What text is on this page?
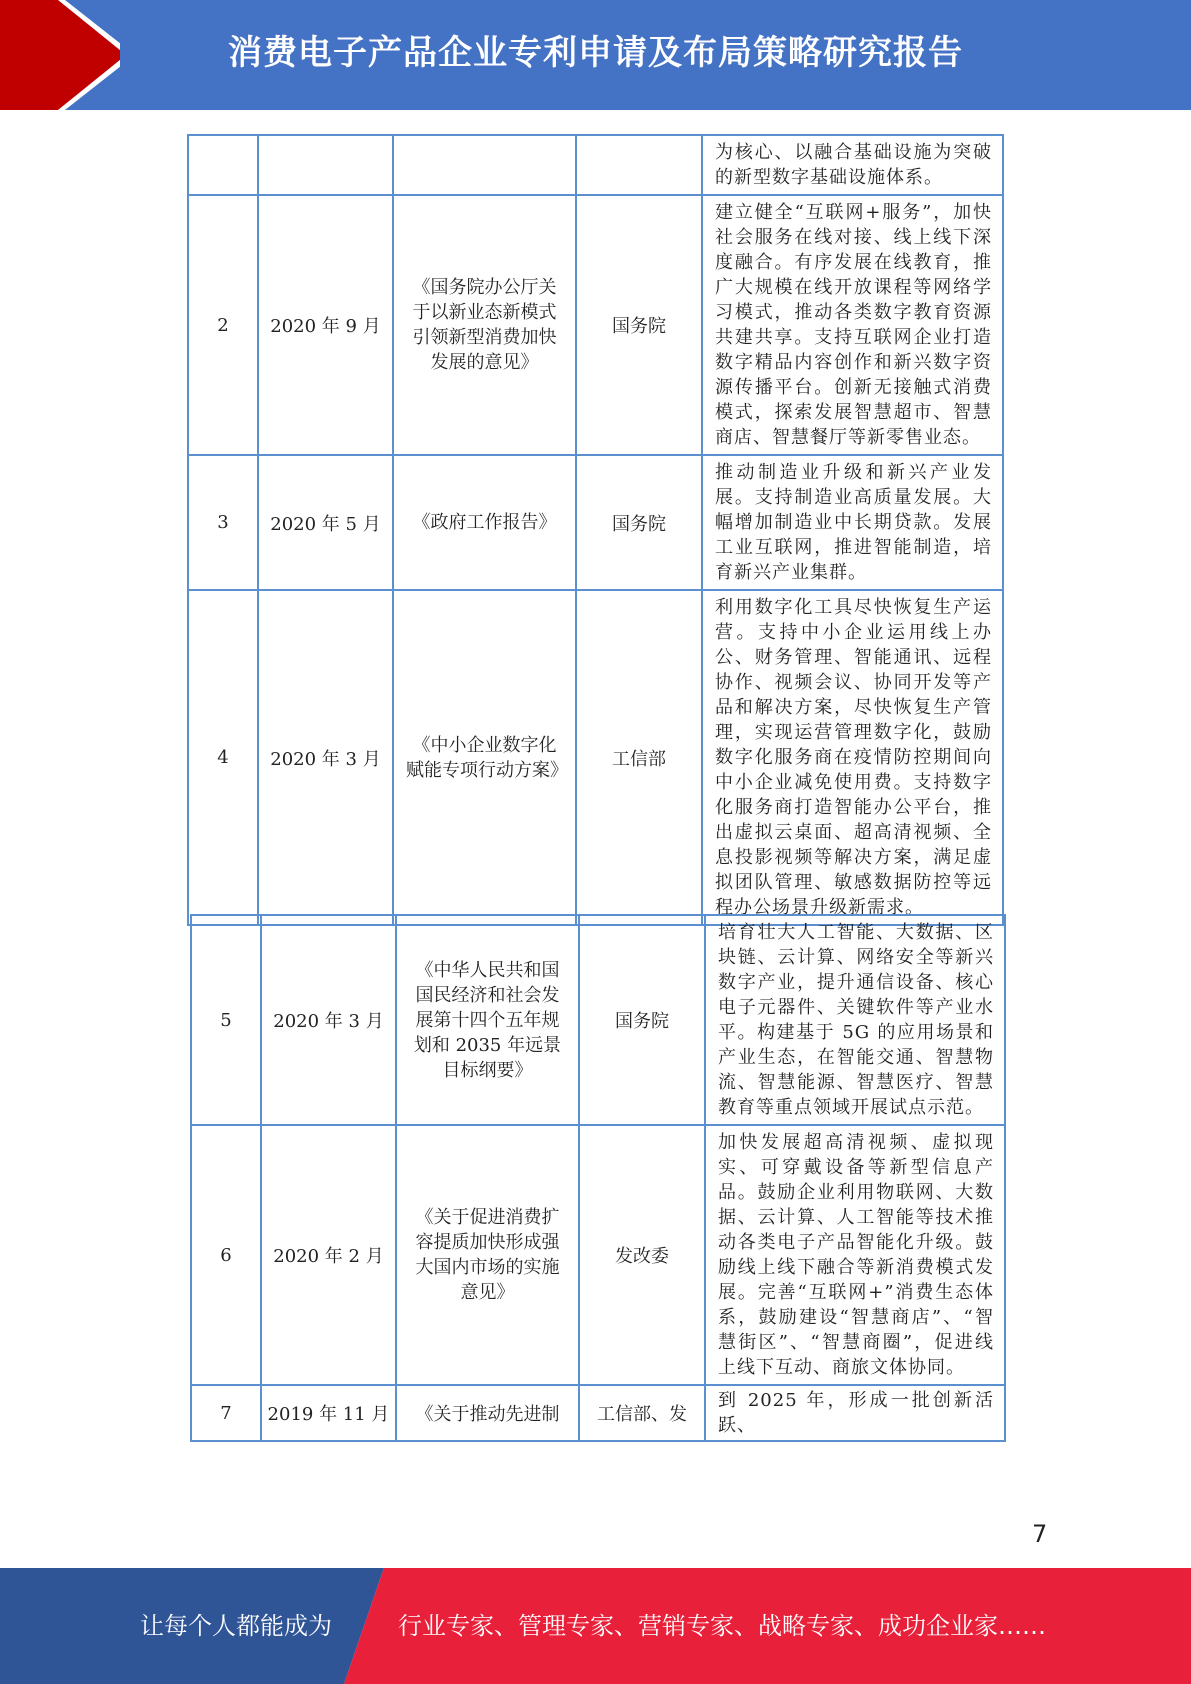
消费电子产品企业专利申请及布局策略研究报告
				为核心、以融合基础设施为突破的新型数字基础设施体系。
2	2020 年 9 月	《国务院办公厅关于以新业态新模式引领新型消费加快发展的意见》	国务院	建立健全“互联网+服务”，加快社会服务在线对接、线上线下深度融合。有序发展在线教育，推广大规模在线开放课程等网络学习模式，推动各类数字教育资源共建共享。支持互联网企业打造数字精品内容创作和新兴数字资源传播平台。创新无接触式消费模式，探索发展智慧超市、智慧商店、智慧餐厅等新零售业态。
3	2020 年 5 月	《政府工作报告》	国务院	推动制造业升级和新兴产业发展。支持制造业高质量发展。大幅增加制造业中长期贷款。发展工业互联网，推进智能制造，培育新兴产业集群。
4	2020 年 3 月	《中小企业数字化赋能专项行动方案》	工信部	利用数字化工具尽快恢复生产运营。支持中小企业运用线上办公、财务管理、智能通讯、远程协作、视频会议、协同开发等产品和解决方案，尽快恢复生产管理，实现运营管理数字化，鼓励数字化服务商在疫情防控期间向中小企业减免使用费。支持数字化服务商打造智能办公平台，推出虚拟云桌面、超高清视频、全息投影视频等解决方案，满足虚拟团队管理、敏感数据防控等远程办公场景升级新需求。
5	2020 年 3 月	《中华人民共和国国民经济和社会发展第十四个五年规划和 2035 年远景目标纲要》	国务院	培育壮大人工智能、大数据、区块链、云计算、网络安全等新兴数字产业，提升通信设备、核心电子元器件、关键软件等产业水平。构建基于 5G 的应用场景和产业生态，在智能交通、智慧物流、智慧能源、智慧医疗、智慧教育等重点领域开展试点示范。
6	2020 年 2 月	《关于促进消费扩容提质加快形成强大国内市场的实施意见》	发改委	加快发展超高清视频、虚拟现实、可穿戴设备等新型信息产品。鼓励企业利用物联网、大数据、云计算、人工智能等技术推动各类电子产品智能化升级。鼓励线上线下融合等新消费模式发展。完善“互联网+”消费生态体系，鼓励建设“智慧商店”、“智慧街区”、“智慧商圈”，促进线上线下互动、商旅文体协同。
7	2019 年 11 月	《关于推动先进制	工信部、发	到 2025 年，形成一批创新活跃、
7
让每个人都能成为	行业专家、管理专家、营销专家、战略专家、成功企业家……
